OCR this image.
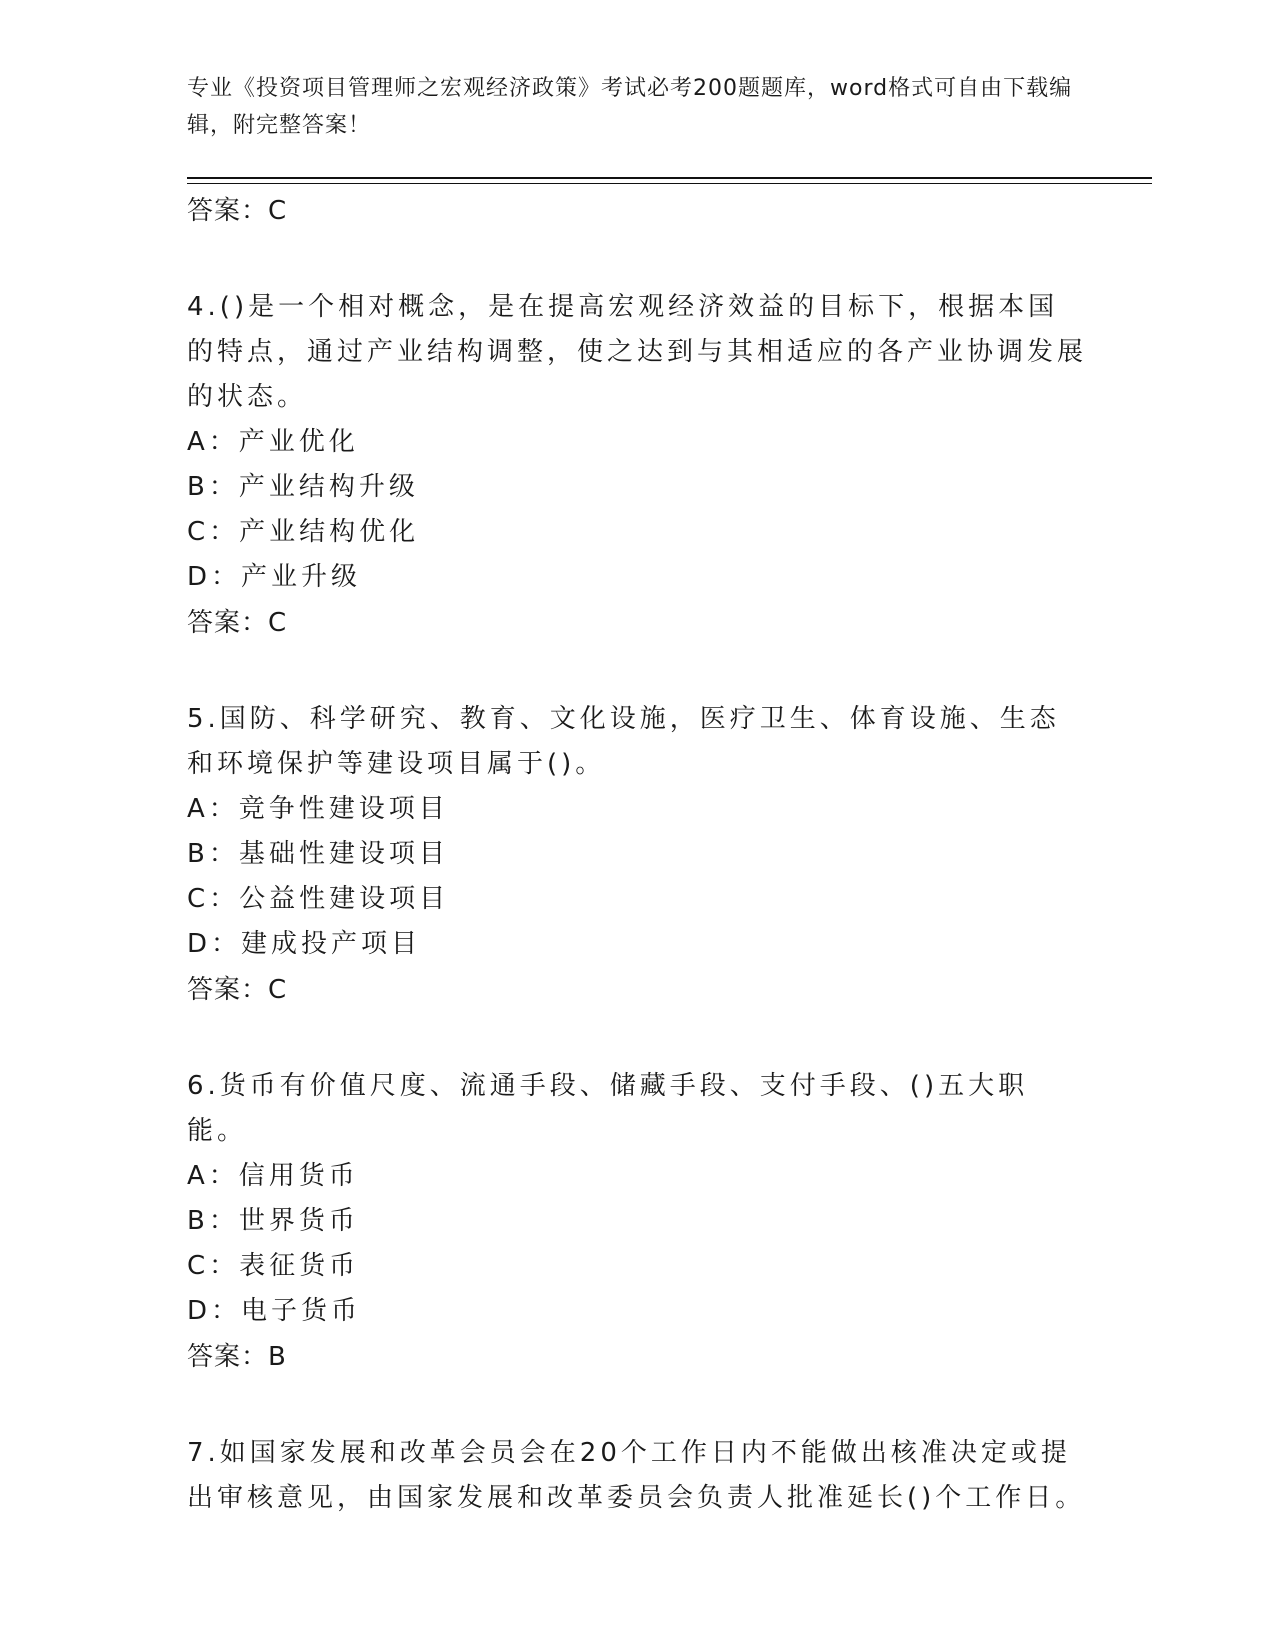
专业《投资项目管理师之宏观经济政策》考试必考200题题库，word格式可自由下载编辑，附完整答案！
答案：C
4.()是一个相对概念，是在提高宏观经济效益的目标下，根据本国的特点，通过产业结构调整，使之达到与其相适应的各产业协调发展的状态。
A：产业优化
B：产业结构升级
C：产业结构优化
D：产业升级
答案：C
5.国防、科学研究、教育、文化设施，医疗卫生、体育设施、生态和环境保护等建设项目属于()。
A：竞争性建设项目
B：基础性建设项目
C：公益性建设项目
D：建成投产项目
答案：C
6.货币有价值尺度、流通手段、储藏手段、支付手段、()五大职能。
A：信用货币
B：世界货币
C：表征货币
D：电子货币
答案：B
7.如国家发展和改革会员会在20个工作日内不能做出核准决定或提出审核意见，由国家发展和改革委员会负责人批准延长()个工作日。
